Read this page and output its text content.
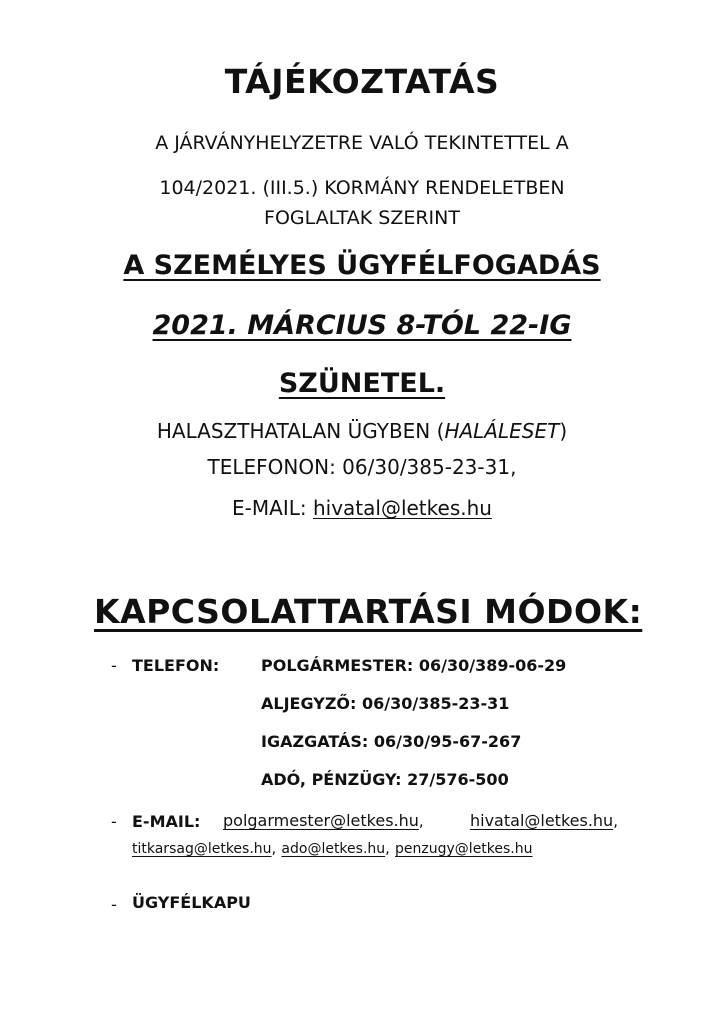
TÁJÉKOZTATÁS
A JÁRVÁNYHELYZETRE VALÓ TEKINTETTEL A
104/2021. (III.5.) KORMÁNY RENDELETBEN
FOGLALTAK SZERINT
A SZEMÉLYES ÜGYFÉLFOGADÁS
2021. MÁRCIUS 8-TÓL 22-IG
SZÜNETEL.
HALASZTHATALAN ÜGYBEN (HALÁLESET)
TELEFONON: 06/30/385-23-31,
E-MAIL: hivatal@letkes.hu
KAPCSOLATTARTÁSI MÓDOK:
- TELEFON:	POLGÁRMESTER: 06/30/389-06-29
ALJEGYZŐ: 06/30/385-23-31
IGAZGATÁS: 06/30/95-67-267
ADÓ, PÉNZÜGY: 27/576-500
- E-MAIL: polgarmester@letkes.hu,	hivatal@letkes.hu,
titkarsag@letkes.hu, ado@letkes.hu, penzugy@letkes.hu
- ÜGYFÉLKAPU
